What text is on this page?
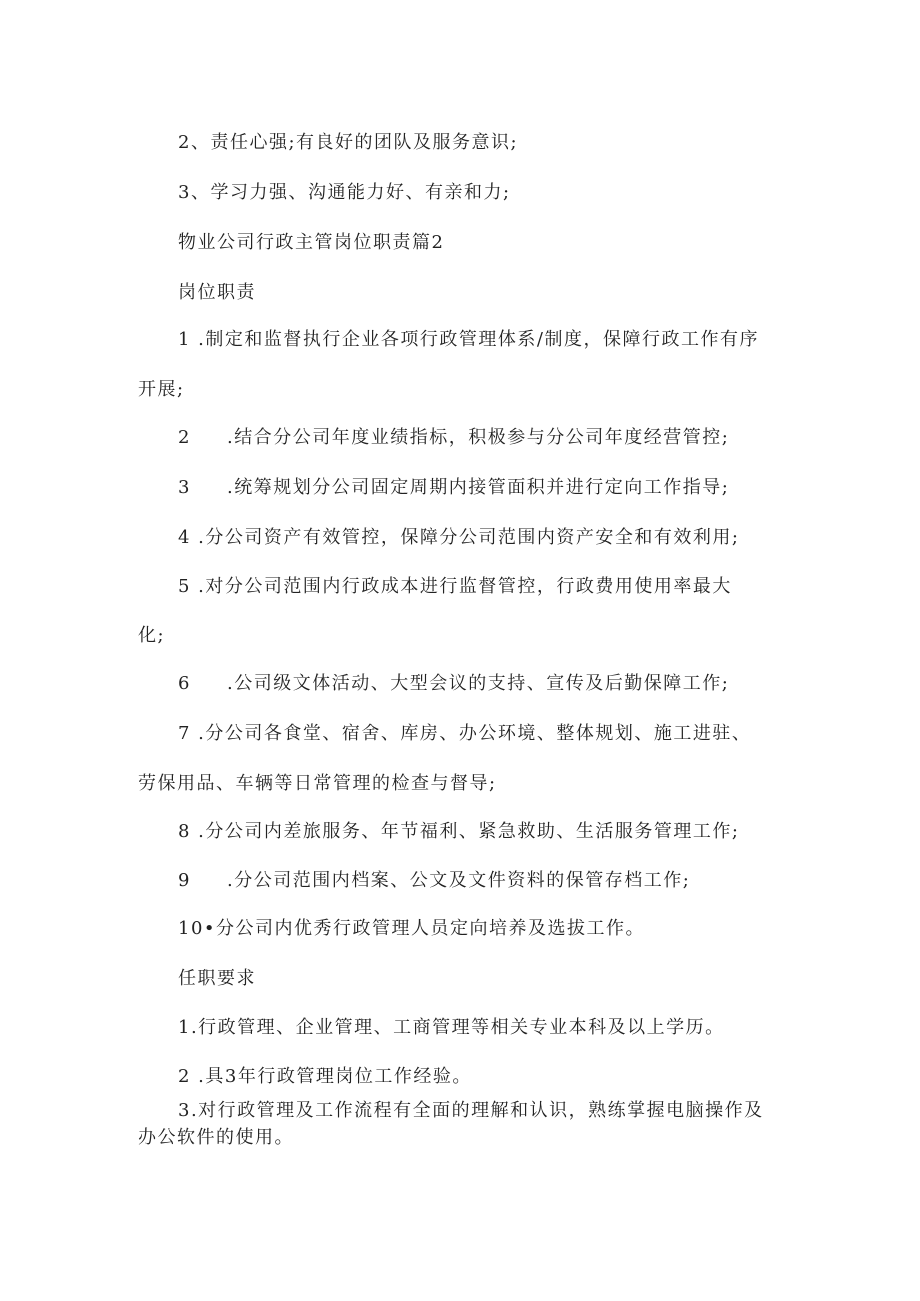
2、责任心强;有良好的团队及服务意识;
3、学习力强、沟通能力好、有亲和力;
物业公司行政主管岗位职责篇2
岗位职责
1 .制定和监督执行企业各项行政管理体系/制度，保障行政工作有序
开展;
2     .结合分公司年度业绩指标，积极参与分公司年度经营管控;
3     .统筹规划分公司固定周期内接管面积并进行定向工作指导;
4 .分公司资产有效管控，保障分公司范围内资产安全和有效利用;
5 .对分公司范围内行政成本进行监督管控，行政费用使用率最大
化;
6     .公司级文体活动、大型会议的支持、宣传及后勤保障工作;
7 .分公司各食堂、宿舍、库房、办公环境、整体规划、施工进驻、
劳保用品、车辆等日常管理的检查与督导;
8 .分公司内差旅服务、年节福利、紧急救助、生活服务管理工作;
9     .分公司范围内档案、公文及文件资料的保管存档工作;
10•分公司内优秀行政管理人员定向培养及选拔工作。
任职要求
1.行政管理、企业管理、工商管理等相关专业本科及以上学历。
2 .具3年行政管理岗位工作经验。
3.对行政管理及工作流程有全面的理解和认识，熟练掌握电脑操作及
办公软件的使用。
